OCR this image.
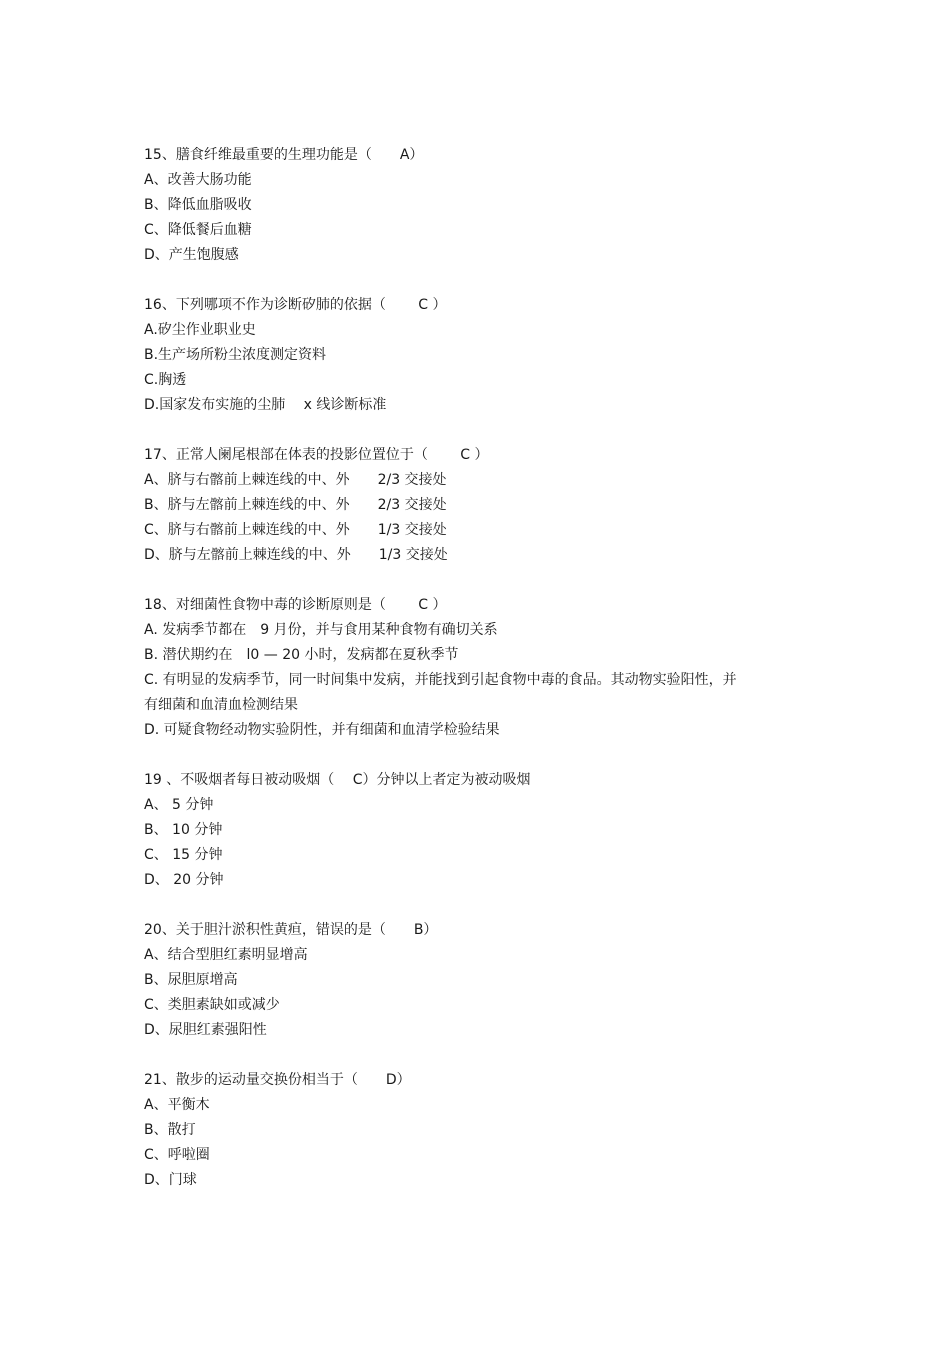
15、膳食纤维最重要的生理功能是（　　A）
A、改善大肠功能
B、降低血脂吸收
C、降低餐后血糖
D、产生饱腹感
16、下列哪项不作为诊断矽肺的依据（　　 C ）
A.矽尘作业职业史
B.生产场所粉尘浓度测定资料
C.胸透
D.国家发布实施的尘肺　 x 线诊断标准
17、正常人阑尾根部在体表的投影位置位于（　　 C ）
A、脐与右髂前上棘连线的中、外　　2/3 交接处
B、脐与左髂前上棘连线的中、外　　2/3 交接处
C、脐与右髂前上棘连线的中、外　　1/3 交接处
D、脐与左髂前上棘连线的中、外　　1/3 交接处
18、对细菌性食物中毒的诊断原则是（　　 C ）
A. 发病季节都在　9 月份，并与食用某种食物有确切关系
B. 潜伏期约在　l0 — 20 小时，发病都在夏秋季节
C. 有明显的发病季节，同一时间集中发病，并能找到引起食物中毒的食品。其动物实验阳性，并有细菌和血清血检测结果
D. 可疑食物经动物实验阴性，并有细菌和血清学检验结果
19 、不吸烟者每日被动吸烟（　 C）分钟以上者定为被动吸烟
A、 5 分钟
B、 10 分钟
C、 15 分钟
D、 20 分钟
20、关于胆汁淤积性黄疸，错误的是（　　B）
A、结合型胆红素明显增高
B、尿胆原增高
C、类胆素缺如或减少
D、尿胆红素强阳性
21、散步的运动量交换份相当于（　　D）
A、平衡木
B、散打
C、呼啦圈
D、门球
